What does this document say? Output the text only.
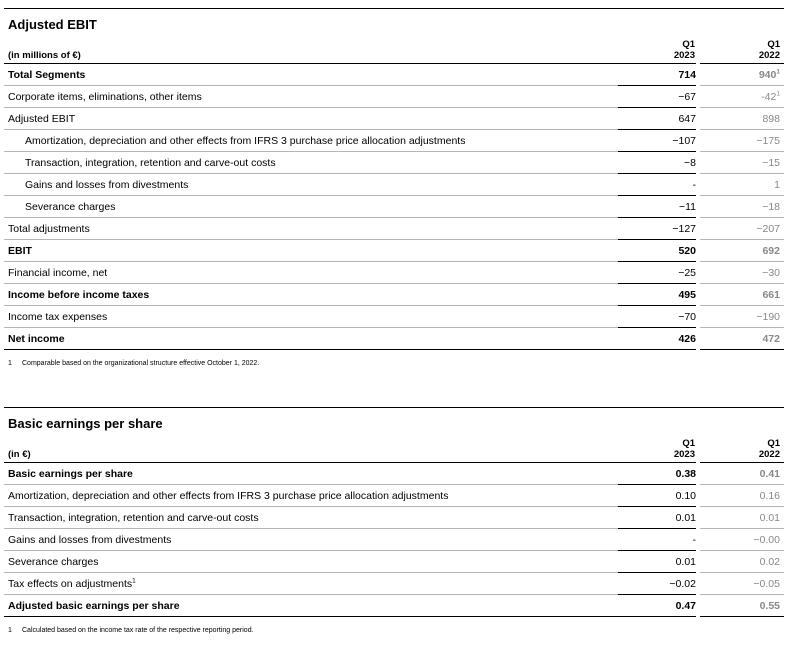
Adjusted EBIT
(in millions of €)
Q1
2023
Q1
2022
Total Segments	714		$940^1$
Corporate items, eliminations, other items	−67		$-42^1$
Adjusted EBIT	647		898
Amortization, depreciation and other effects from IFRS 3 purchase price allocation adjustments	−107		−175
Transaction, integration, retention and carve-out costs	−8		−15
Gains and losses from divestments	-		1
Severance charges	−11		−18
Total adjustments	−127		−207
EBIT	520		692
Financial income, net	−25		−30
Income before income taxes	495		661
Income tax expenses	−70		−190
Net income	426		472
1 Comparable based on the organizational structure effective October 1, 2022.
Basic earnings per share
(in €)
Q1
2023
Q1
2022
Basic earnings per share	0.38		0.41
Amortization, depreciation and other effects from IFRS 3 purchase price allocation adjustments	0.10		0.16
Transaction, integration, retention and carve-out costs	0.01		0.01
Gains and losses from divestments	-		−0.00
Severance charges	0.01		0.02
Tax effects on adjustments$^1$	−0.02		−0.05
Adjusted basic earnings per share	0.47		0.55
1 Calculated based on the income tax rate of the respective reporting period.
